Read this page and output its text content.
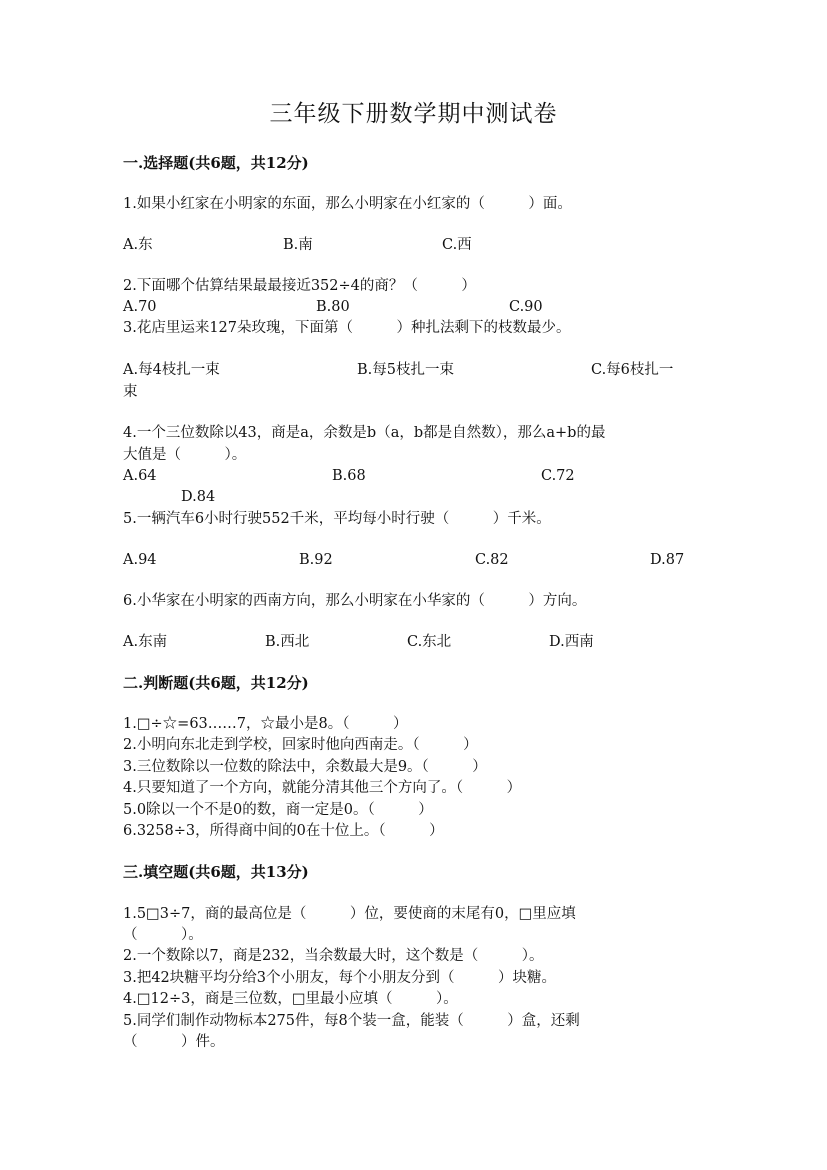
三年级下册数学期中测试卷
一.选择题(共6题，共12分)
1.如果小红家在小明家的东面，那么小明家在小红家的（　　　）面。
A.东	B.南	C.西
2.下面哪个估算结果最最接近352÷4的商？（　　　）
A.70	B.80	C.90
3.花店里运来127朵玫瑰，下面第（　　　）种扎法剩下的枝数最少。
A.每4枝扎一束	B.每5枝扎一束	C.每6枝扎一
束
4.一个三位数除以43，商是a，余数是b（a，b都是自然数），那么a+b的最
大值是（　　　）。
A.64	B.68	C.72
D.84
5.一辆汽车6小时行驶552千米，平均每小时行驶（　　　）千米。
A.94	B.92	C.82	D.87
6.小华家在小明家的西南方向，那么小明家在小华家的（　　　）方向。
A.东南	B.西北	C.东北	D.西南
二.判断题(共6题，共12分)
1.□÷☆=63……7，☆最小是8。（　　　）
2.小明向东北走到学校，回家时他向西南走。（　　　）
3.三位数除以一位数的除法中，余数最大是9。（　　　）
4.只要知道了一个方向，就能分清其他三个方向了。（　　　）
5.0除以一个不是0的数，商一定是0。（　　　）
6.3258÷3，所得商中间的0在十位上。（　　　）
三.填空题(共6题，共13分)
1.5□3÷7，商的最高位是（　　　）位，要使商的末尾有0，□里应填
（　　　）。
2.一个数除以7，商是232，当余数最大时，这个数是（　　　）。
3.把42块糖平均分给3个小朋友，每个小朋友分到（　　　）块糖。
4.□12÷3，商是三位数，□里最小应填（　　　）。
5.同学们制作动物标本275件，每8个装一盒，能装（　　　）盒，还剩
（　　　）件。
